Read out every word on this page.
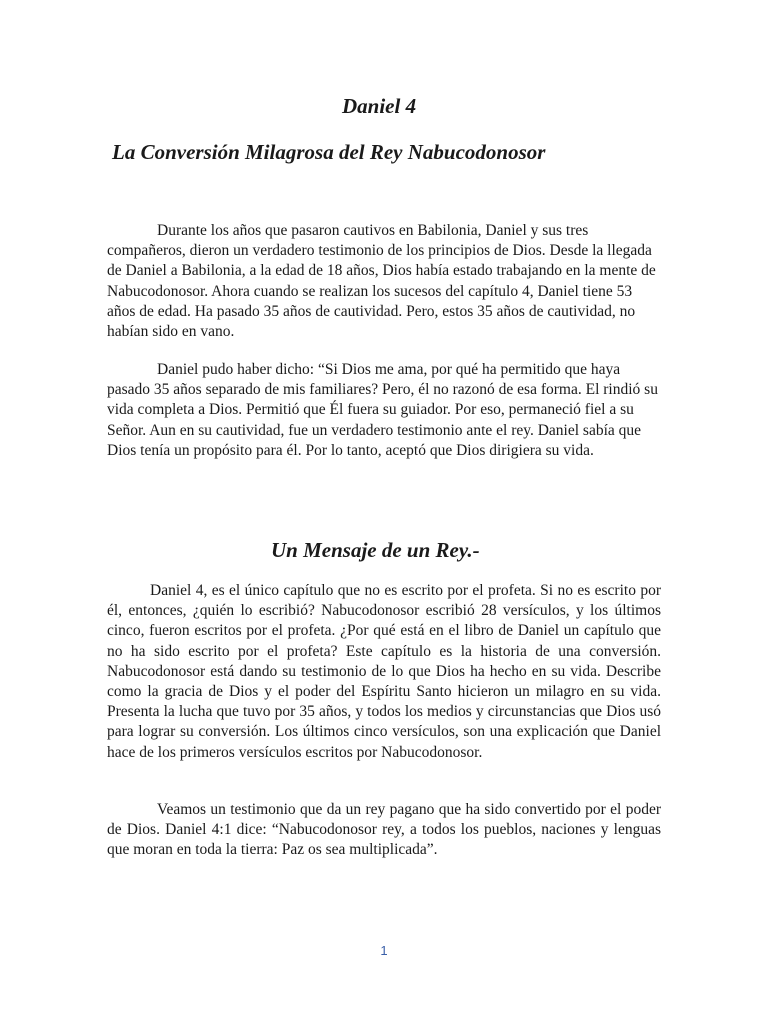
Daniel 4
La Conversión Milagrosa del Rey Nabucodonosor

Durante los años que pasaron cautivos en Babilonia, Daniel y sus tres compañeros, dieron un verdadero testimonio de los principios de Dios. Desde la llegada de Daniel a Babilonia, a la edad de 18 años, Dios había estado trabajando en la mente de Nabucodonosor. Ahora cuando se realizan los sucesos del capítulo 4, Daniel tiene 53 años de edad. Ha pasado 35 años de cautividad. Pero, estos 35 años de cautividad, no habían sido en vano.

Daniel pudo haber dicho: “Si Dios me ama, por qué ha permitido que haya pasado 35 años separado de mis familiares? Pero, él no razonó de esa forma. El rindió su vida completa a Dios. Permitió que Él fuera su guiador. Por eso, permaneció fiel a su Señor. Aun en su cautividad, fue un verdadero testimonio ante el rey. Daniel sabía que Dios tenía un propósito para él. Por lo tanto, aceptó que Dios dirigiera su vida.

Un Mensaje de un Rey.-

Daniel 4, es el único capítulo que no es escrito por el profeta. Si no es escrito por él, entonces, ¿quién lo escribió? Nabucodonosor escribió 28 versículos, y los últimos cinco, fueron escritos por el profeta. ¿Por qué está en el libro de Daniel un capítulo que no ha sido escrito por el profeta? Este capítulo es la historia de una conversión. Nabucodonosor está dando su testimonio de lo que Dios ha hecho en su vida. Describe como la gracia de Dios y el poder del Espíritu Santo hicieron un milagro en su vida. Presenta la lucha que tuvo por 35 años, y todos los medios y circunstancias que Dios usó para lograr su conversión. Los últimos cinco versículos, son una explicación que Daniel hace de los primeros versículos escritos por Nabucodonosor.

Veamos un testimonio que da un rey pagano que ha sido convertido por el poder de Dios. Daniel 4:1 dice: “Nabucodonosor rey, a todos los pueblos, naciones y lenguas que moran en toda la tierra: Paz os sea multiplicada”.

1
